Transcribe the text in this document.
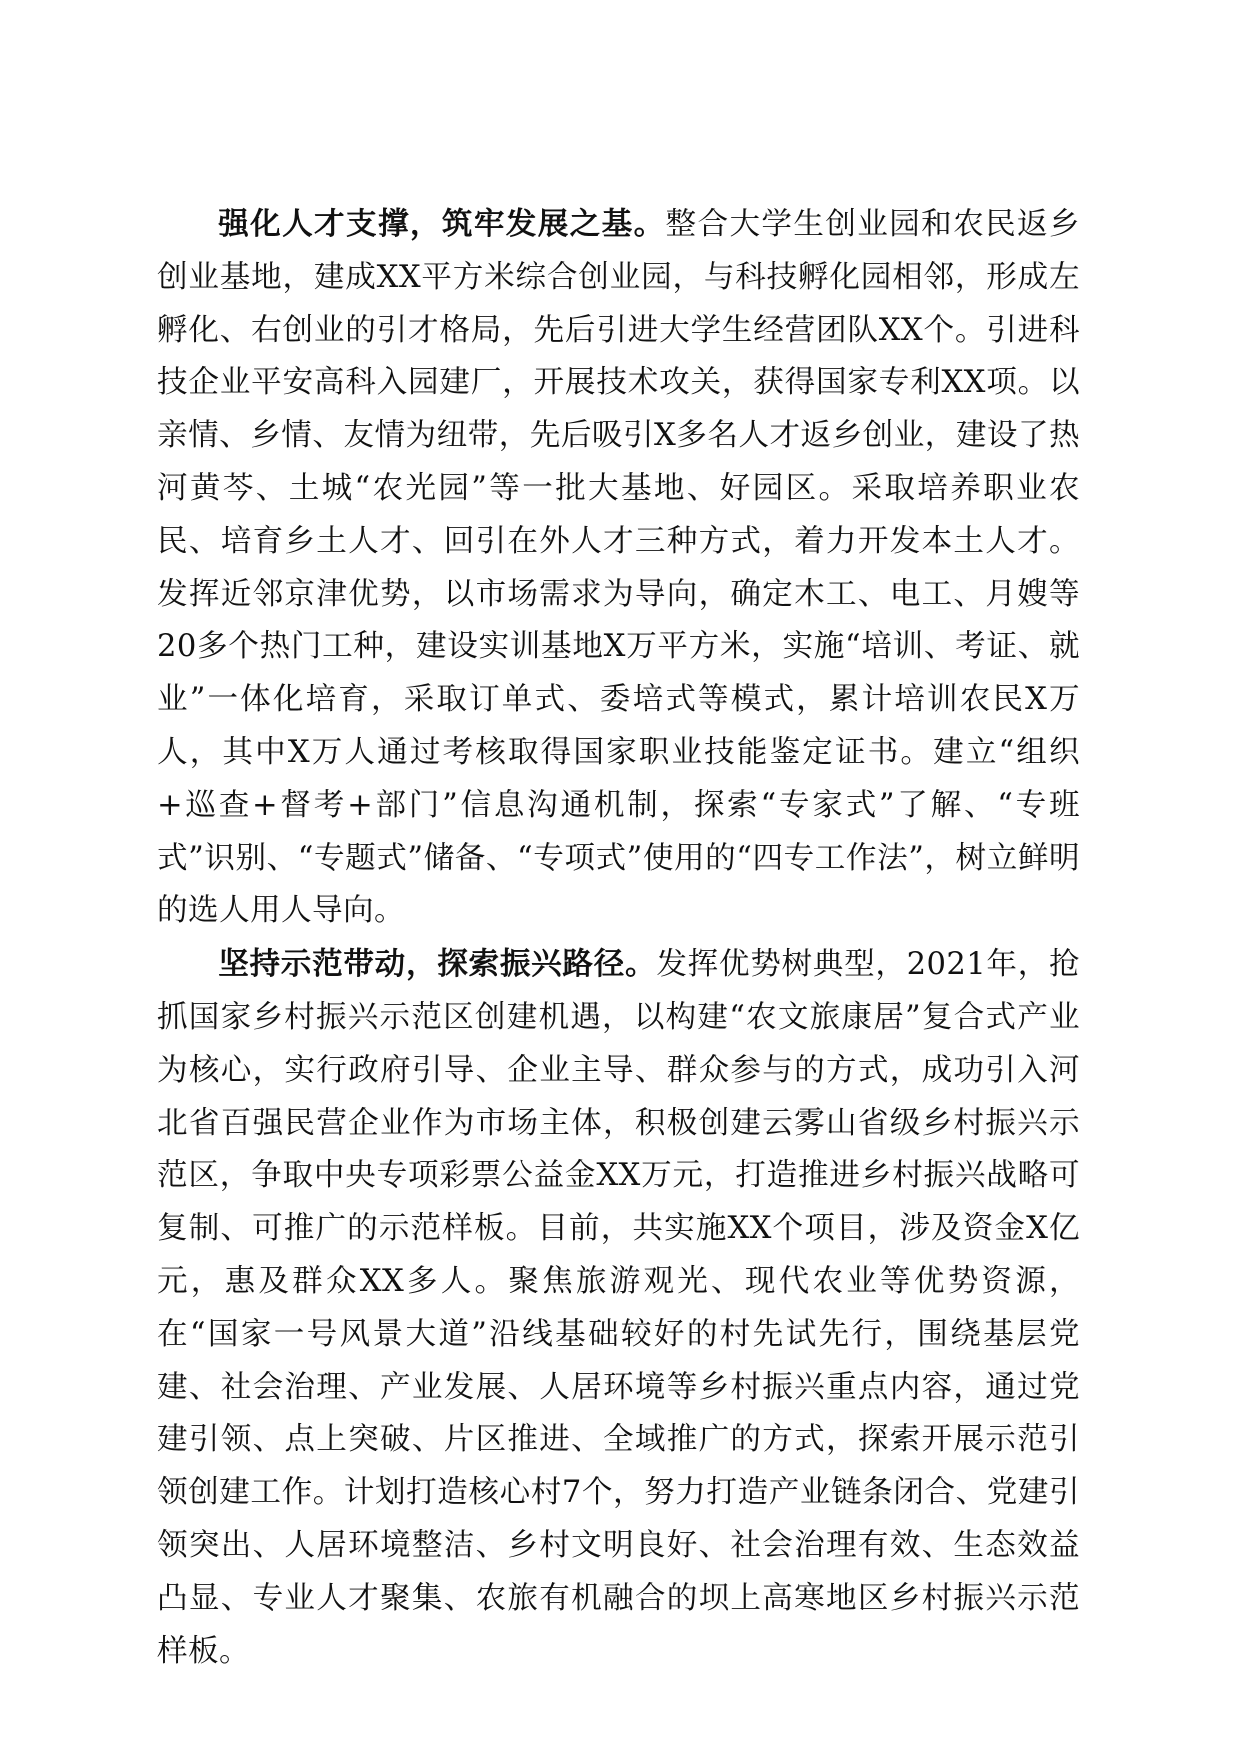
强化人才支撑，筑牢发展之基。整合大学生创业园和农民返乡创业基地，建成XX平方米综合创业园，与科技孵化园相邻，形成左孵化、右创业的引才格局，先后引进大学生经营团队XX个。引进科技企业平安高科入园建厂，开展技术攻关，获得国家专利XX项。以亲情、乡情、友情为纽带，先后吸引X多名人才返乡创业，建设了热河黄芩、土城“农光园”等一批大基地、好园区。采取培养职业农民、培育乡土人才、回引在外人才三种方式，着力开发本土人才。发挥近邻京津优势，以市场需求为导向，确定木工、电工、月嫂等20多个热门工种，建设实训基地X万平方米，实施“培训、考证、就业”一体化培育，采取订单式、委培式等模式，累计培训农民X万人，其中X万人通过考核取得国家职业技能鉴定证书。建立“组织+巡查+督考+部门”信息沟通机制，探索“专家式”了解、“专班式”识别、“专题式”储备、“专项式”使用的“四专工作法”，树立鲜明的选人用人导向。

坚持示范带动，探索振兴路径。发挥优势树典型，2021年，抢抓国家乡村振兴示范区创建机遇，以构建“农文旅康居”复合式产业为核心，实行政府引导、企业主导、群众参与的方式，成功引入河北省百强民营企业作为市场主体，积极创建云雾山省级乡村振兴示范区，争取中央专项彩票公益金XX万元，打造推进乡村振兴战略可复制、可推广的示范样板。目前，共实施XX个项目，涉及资金X亿元，惠及群众XX多人。聚焦旅游观光、现代农业等优势资源，在“国家一号风景大道”沿线基础较好的村先试先行，围绕基层党建、社会治理、产业发展、人居环境等乡村振兴重点内容，通过党建引领、点上突破、片区推进、全域推广的方式，探索开展示范引领创建工作。计划打造核心村7个，努力打造产业链条闭合、党建引领突出、人居环境整洁、乡村文明良好、社会治理有效、生态效益凸显、专业人才聚集、农旅有机融合的坝上高寒地区乡村振兴示范样板。
